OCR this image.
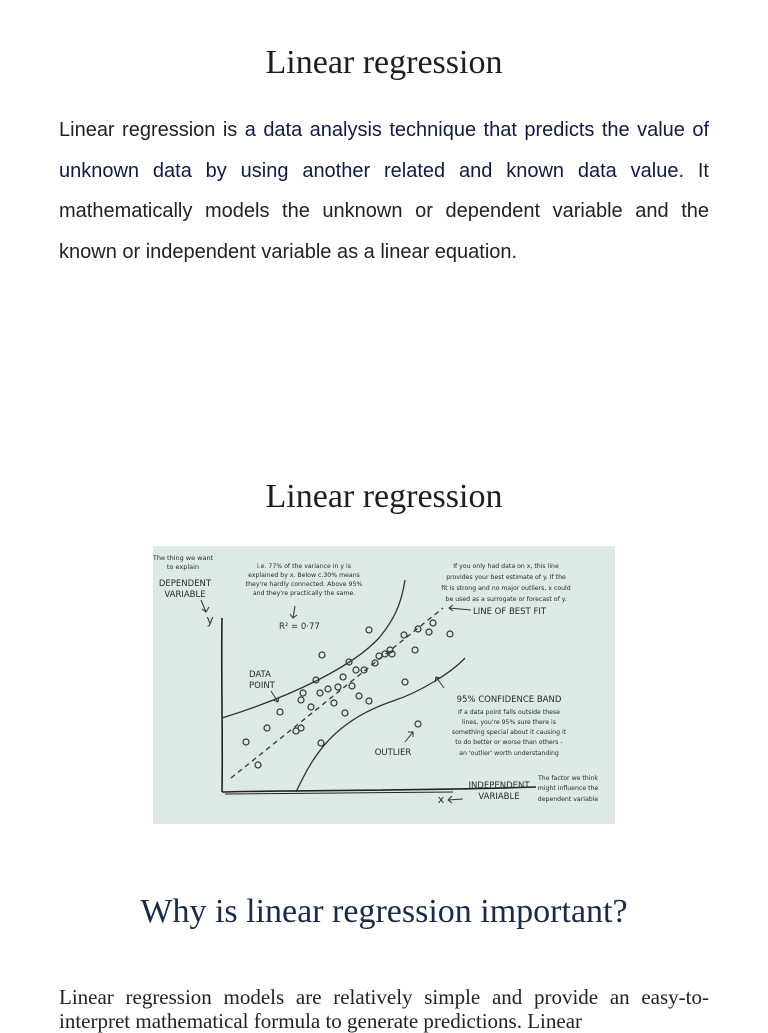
Linear regression

Linear regression is a data analysis technique that predicts the value of unknown data by using another related and known data value. It mathematically models the unknown or dependent variable and the known or independent variable as a linear equation.

Linear regression
The thing we want
to explain
DEPENDENT
VARIABLE
y
i.e. 77% of the variance in y is
explained by x. Below c.30% means
they're hardly connected. Above 95%
and they're practically the same.
R² = 0·77
If you only had data on x, this line
provides your best estimate of y. If the
fit is strong and no major outliers, x could
be used as a surrogate or forecast of y.
LINE OF BEST FIT
DATA
POINT
95% CONFIDENCE BAND
If a data point falls outside these
lines, you're 95% sure there is
something special about it causing it
to do better or worse than others -
an 'outlier' worth understanding
OUTLIER
INDEPENDENT
VARIABLE
x
The factor we think
might influence the
dependent variable
Why is linear regression important?

Linear regression models are relatively simple and provide an easy-to-interpret mathematical formula to generate predictions. Linear
